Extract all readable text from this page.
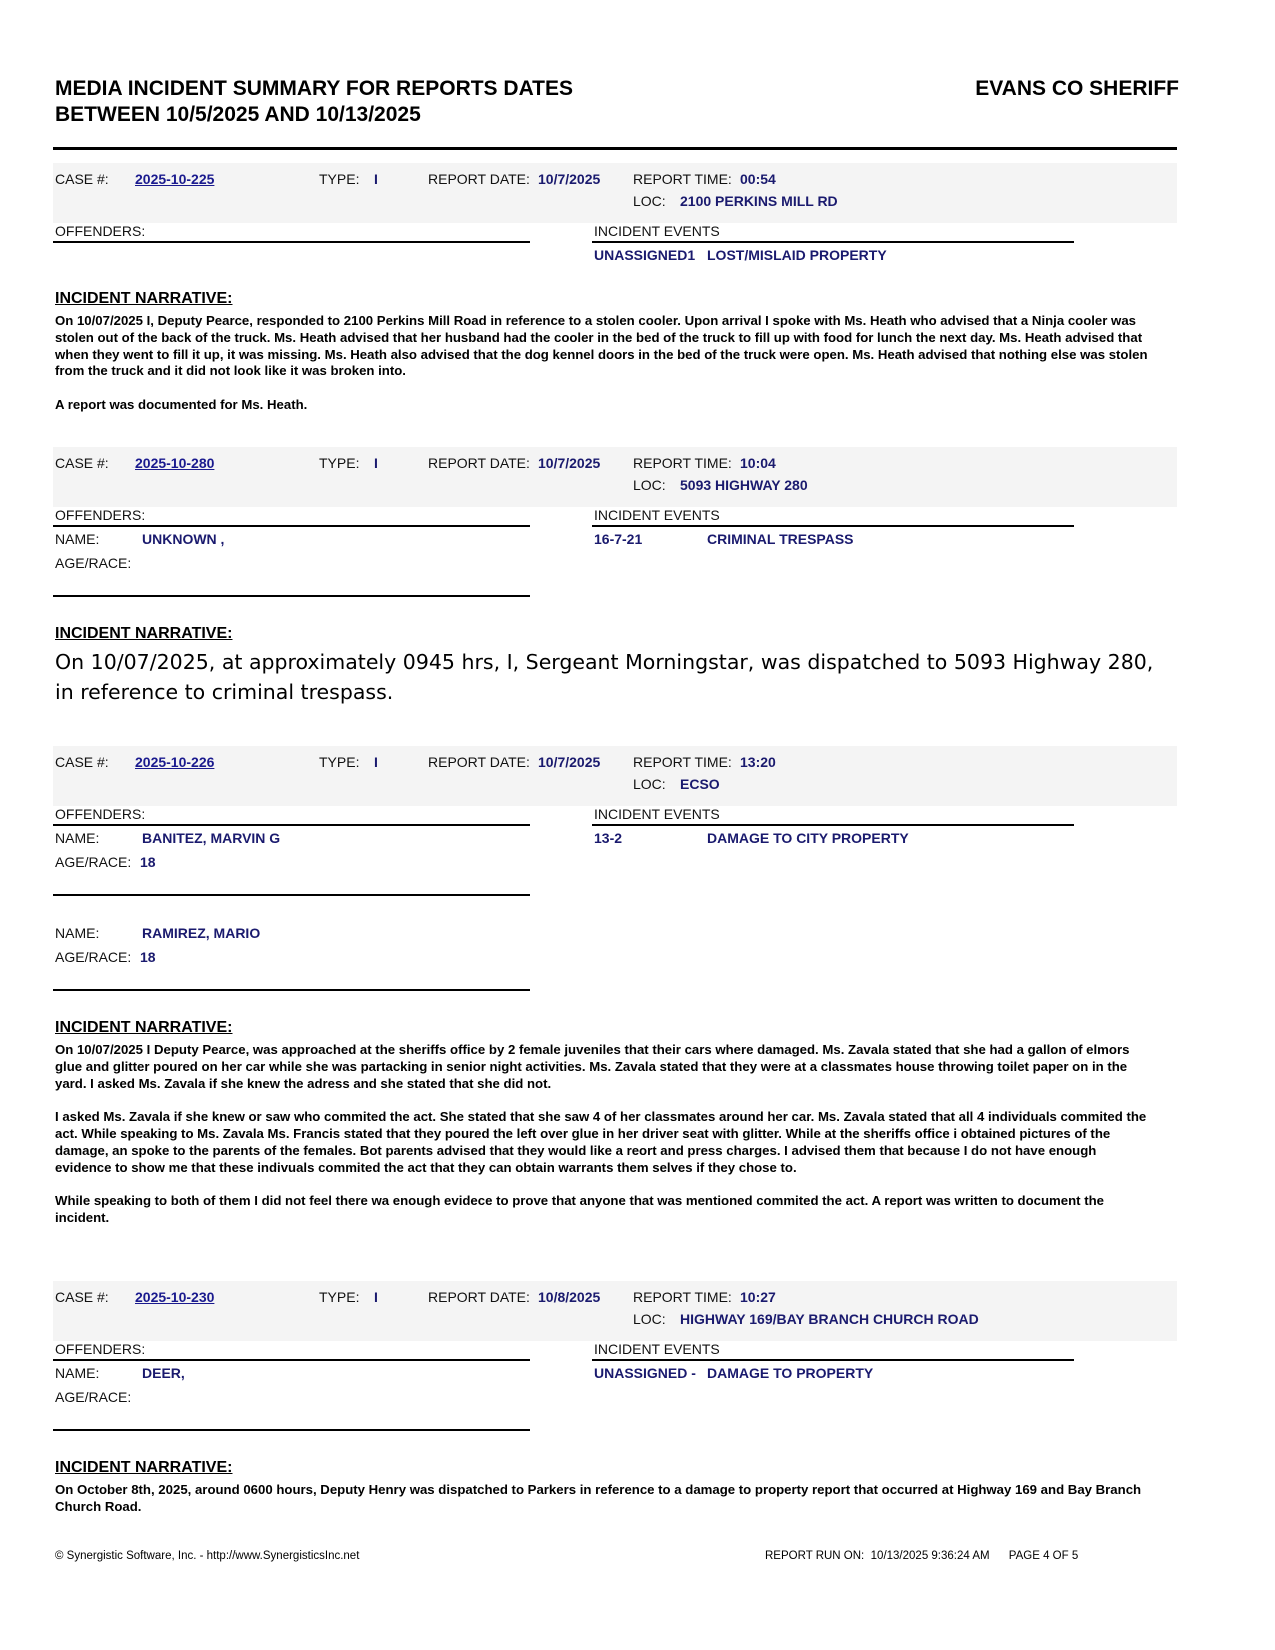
MEDIA INCIDENT SUMMARY FOR REPORTS DATES
BETWEEN 10/5/2025 AND 10/13/2025
EVANS CO SHERIFF
CASE #: 2025-10-225	TYPE: I	REPORT DATE: 10/7/2025 REPORT TIME: 00:54
LOC: 2100 PERKINS MILL RD
OFFENDERS:	INCIDENT EVENTS
UNASSIGNED1 LOST/MISLAID PROPERTY
INCIDENT NARRATIVE:

On 10/07/2025 I, Deputy Pearce, responded to 2100 Perkins Mill Road in reference to a stolen cooler. Upon arrival I spoke with Ms. Heath who advised that a Ninja cooler was stolen out of the back of the truck. Ms. Heath advised that her husband had the cooler in the bed of the truck to fill up with food for lunch the next day. Ms. Heath advised that when they went to fill it up, it was missing. Ms. Heath also advised that the dog kennel doors in the bed of the truck were open. Ms. Heath advised that nothing else was stolen from the truck and it did not look like it was broken into.

A report was documented for Ms. Heath.

CASE #: 2025-10-280	TYPE: I	REPORT DATE: 10/7/2025 REPORT TIME: 10:04
LOC: 5093 HIGHWAY 280
OFFENDERS:	INCIDENT EVENTS
NAME:	UNKNOWN ,
AGE/RACE:
16-7-21	CRIMINAL TRESPASS
INCIDENT NARRATIVE:
On 10/07/2025, at approximately 0945 hrs, I, Sergeant Morningstar, was dispatched to 5093 Highway 280, in reference to criminal trespass.
CASE #: 2025-10-226	TYPE: I	REPORT DATE: 10/7/2025 REPORT TIME: 13:20
LOC: ECSO
OFFENDERS:	INCIDENT EVENTS
NAME:	BANITEZ, MARVIN G
AGE/RACE: 18
NAME:	RAMIREZ, MARIO
AGE/RACE: 18
13-2	DAMAGE TO CITY PROPERTY
INCIDENT NARRATIVE:

On 10/07/2025 I Deputy Pearce, was approached at the sheriffs office by 2 female juveniles that their cars where damaged. Ms. Zavala stated that she had a gallon of elmors glue and glitter poured on her car while she was partacking in senior night activities. Ms. Zavala stated that they were at a classmates house throwing toilet paper on in the yard. I asked Ms. Zavala if she knew the adress and she stated that she did not.

I asked Ms. Zavala if she knew or saw who commited the act. She stated that she saw 4 of her classmates around her car. Ms. Zavala stated that all 4 individuals commited the act. While speaking to Ms. Zavala Ms. Francis stated that they poured the left over glue in her driver seat with glitter. While at the sheriffs office i obtained pictures of the damage, an spoke to the parents of the females. Bot parents advised that they would like a reort and press charges. I advised them that because I do not have enough evidence to show me that these indivuals commited the act that they can obtain warrants them selves if they chose to.

While speaking to both of them I did not feel there wa enough evidece to prove that anyone that was mentioned commited the act. A report was written to document the incident.

CASE #: 2025-10-230	TYPE: I	REPORT DATE: 10/8/2025 REPORT TIME: 10:27
LOC: HIGHWAY 169/BAY BRANCH CHURCH ROAD
OFFENDERS:	INCIDENT EVENTS
NAME:	DEER,
AGE/RACE:
UNASSIGNED - DAMAGE TO PROPERTY
INCIDENT NARRATIVE:

On October 8th, 2025, around 0600 hours, Deputy Henry was dispatched to Parkers in reference to a damage to property report that occurred at Highway 169 and Bay Branch Church Road.

© Synergistic Software, Inc. - http://www.SynergisticsInc.net	REPORT RUN ON: 10/13/2025 9:36:24 AM PAGE 4 OF 5
